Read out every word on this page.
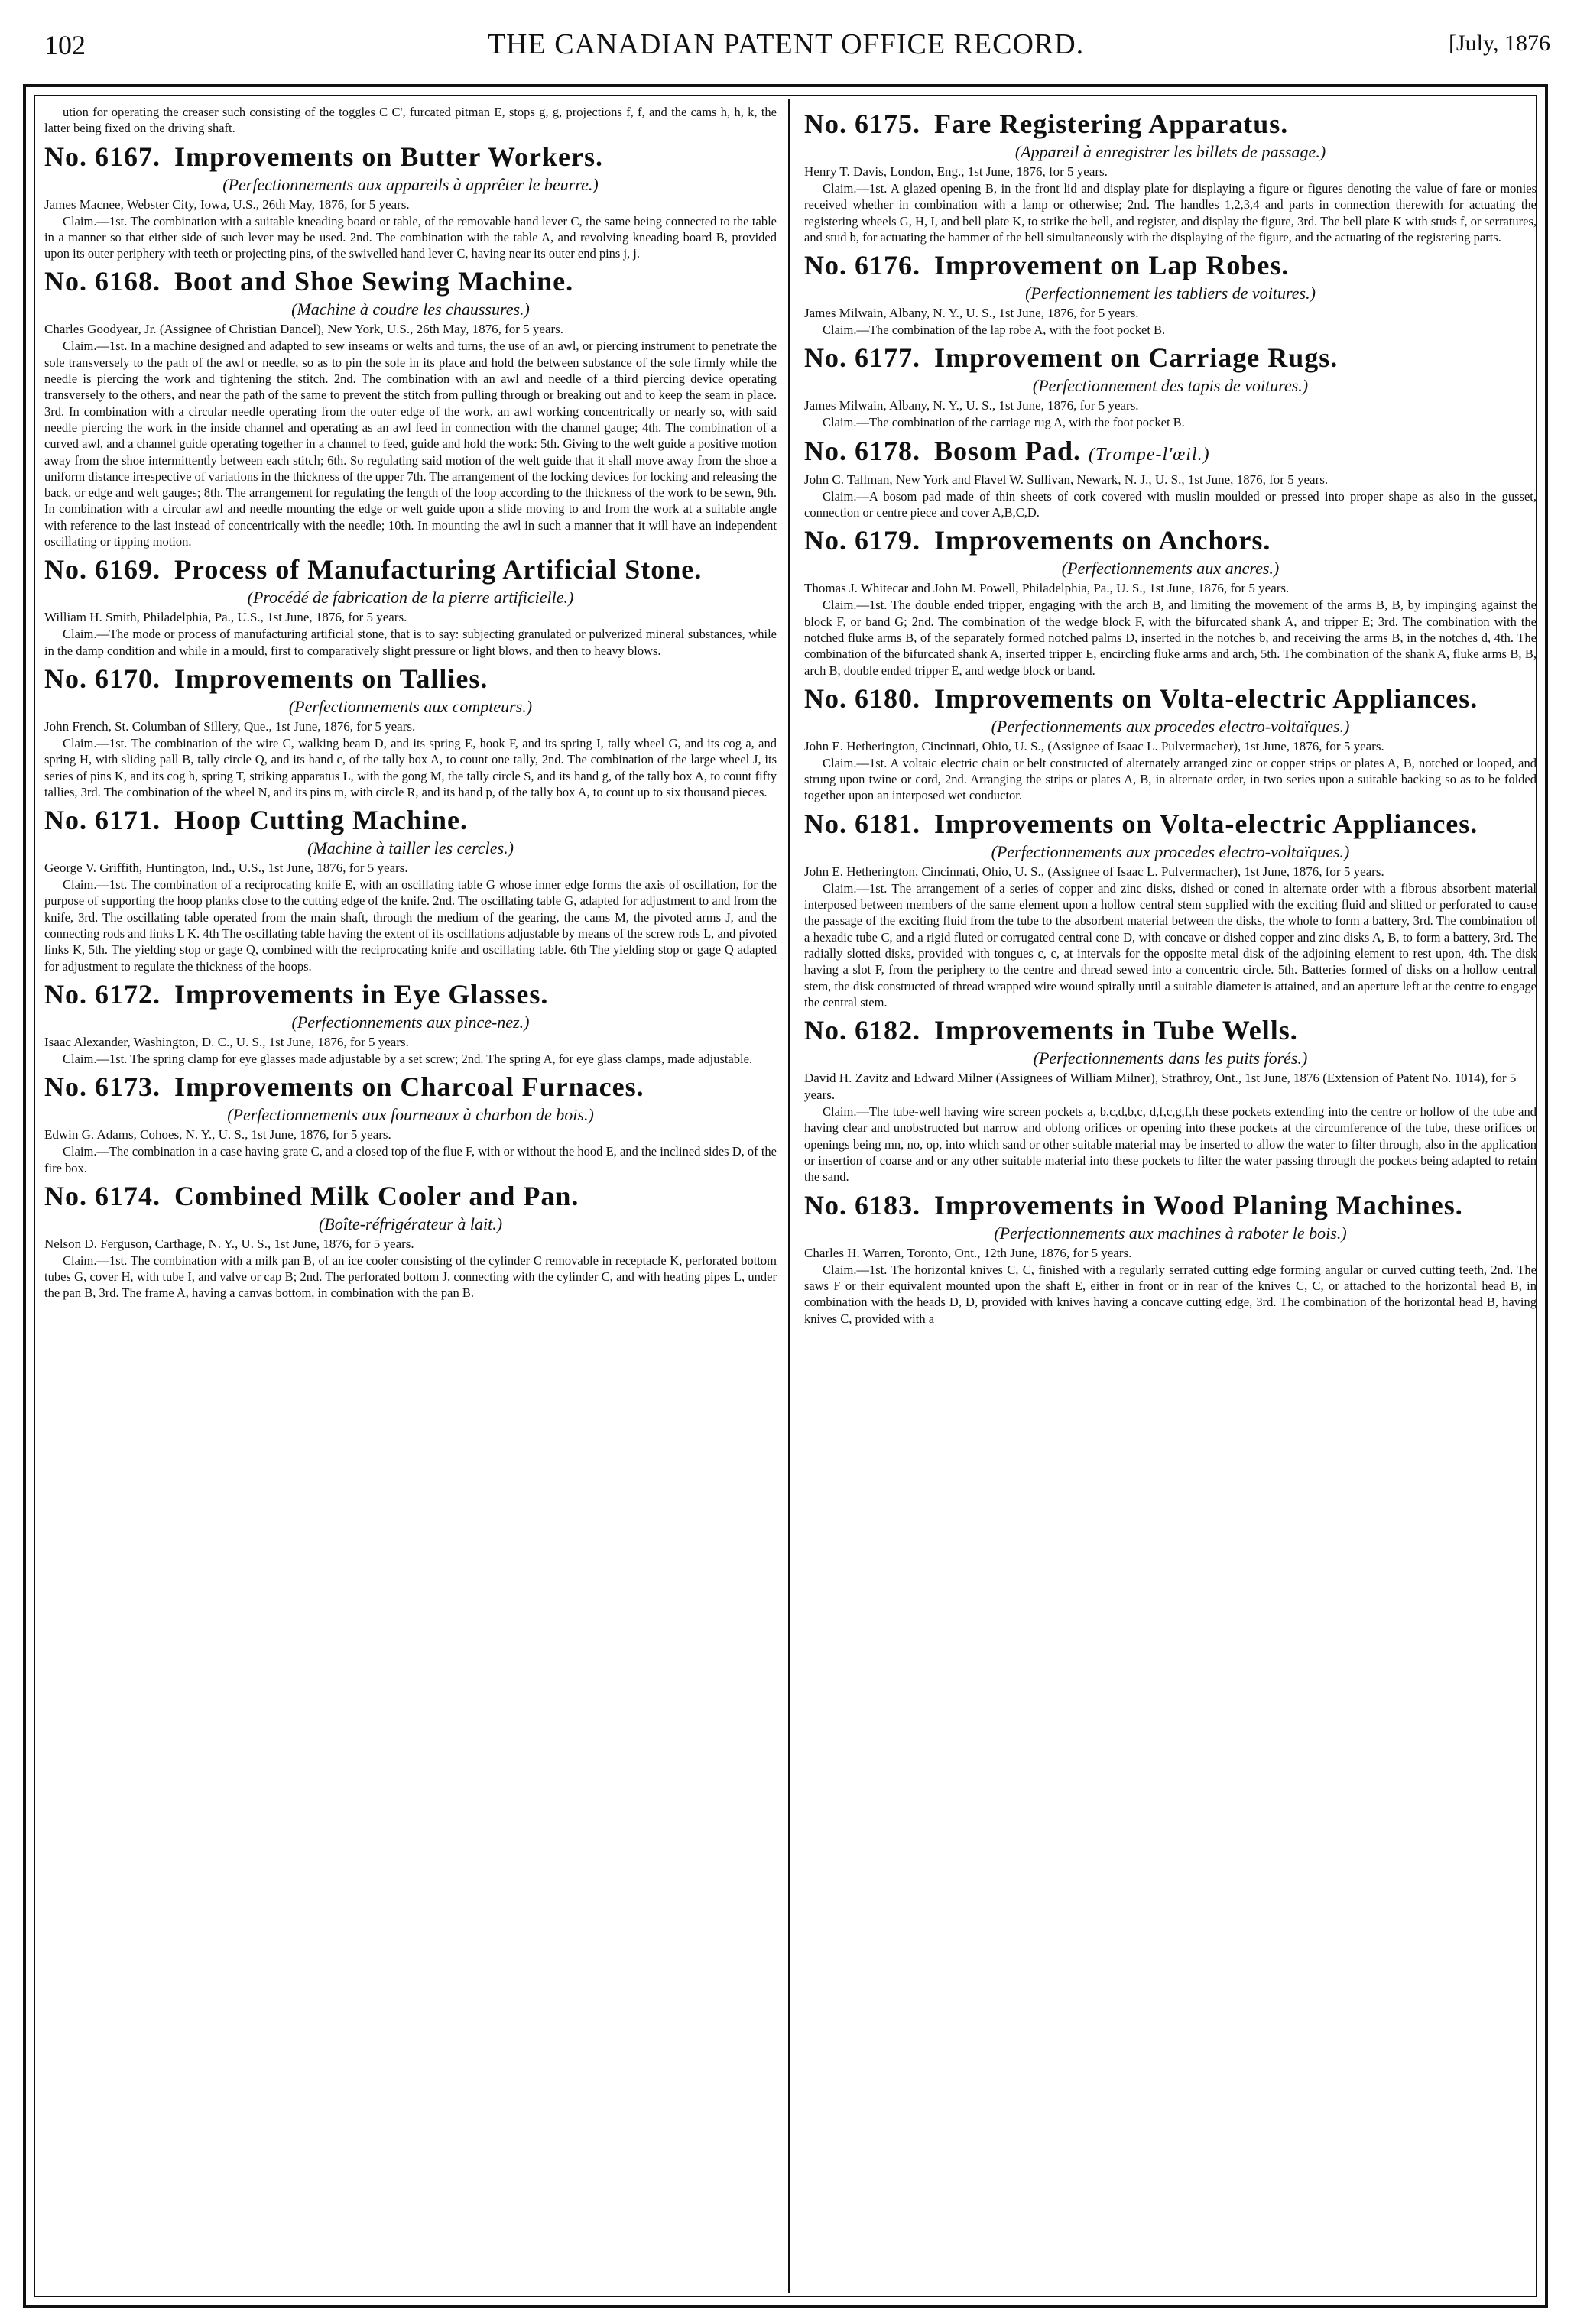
102	THE CANADIAN PATENT OFFICE RECORD.	[July, 1876

ution for operating the creaser such consisting of the toggles C C', furcated pitman E, stops g, g, projections f, f, and the cams h, h, k, the latter being fixed on the driving shaft.

No. 6167. Improvements on Butter Workers.

(Perfectionnements aux appareils à apprêter le beurre.)

James Macnee, Webster City, Iowa, U.S., 26th May, 1876, for 5 years.

Claim.—1st. The combination with a suitable kneading board or table, of the removable hand lever C, the same being connected to the table in a manner so that either side of such lever may be used. 2nd. The combination with the table A, and revolving kneading board B, provided upon its outer periphery with teeth or projecting pins, of the swivelled hand lever C, having near its outer end pins j, j.

No. 6168. Boot and Shoe Sewing Machine.

(Machine à coudre les chaussures.)

Charles Goodyear, Jr. (Assignee of Christian Dancel), New York, U.S., 26th May, 1876, for 5 years.

Claim.—1st. In a machine designed and adapted to sew inseams or welts and turns, the use of an awl, or piercing instrument to penetrate the sole transversely to the path of the awl or needle, so as to pin the sole in its place and hold the between substance of the sole firmly while the needle is piercing the work and tightening the stitch. 2nd. The combination with an awl and needle of a third piercing device operating transversely to the others, and near the path of the same to prevent the stitch from pulling through or breaking out and to keep the seam in place. 3rd. In combination with a circular needle operating from the outer edge of the work, an awl working concentrically or nearly so, with said needle piercing the work in the inside channel and operating as an awl feed in connection with the channel gauge; 4th. The combination of a curved awl, and a channel guide operating together in a channel to feed, guide and hold the work: 5th. Giving to the welt guide a positive motion away from the shoe intermittently between each stitch; 6th. So regulating said motion of the welt guide that it shall move away from the shoe a uniform distance irrespective of variations in the thickness of the upper 7th. The arrangement of the locking devices for locking and releasing the back, or edge and welt gauges; 8th. The arrangement for regulating the length of the loop according to the thickness of the work to be sewn, 9th. In combination with a circular awl and needle mounting the edge or welt guide upon a slide moving to and from the work at a suitable angle with reference to the last instead of concentrically with the needle; 10th. In mounting the awl in such a manner that it will have an independent oscillating or tipping motion.

No. 6169. Process of Manufacturing Artificial Stone.

(Procédé de fabrication de la pierre artificielle.)

William H. Smith, Philadelphia, Pa., U.S., 1st June, 1876, for 5 years.

Claim.—The mode or process of manufacturing artificial stone, that is to say: subjecting granulated or pulverized mineral substances, while in the damp condition and while in a mould, first to comparatively slight pressure or light blows, and then to heavy blows.

No. 6170. Improvements on Tallies.

(Perfectionnements aux compteurs.)

John French, St. Columban of Sillery, Que., 1st June, 1876, for 5 years.

Claim.—1st. The combination of the wire C, walking beam D, and its spring E, hook F, and its spring I, tally wheel G, and its cog a, and spring H, with sliding pall B, tally circle Q, and its hand c, of the tally box A, to count one tally, 2nd. The combination of the large wheel J, its series of pins K, and its cog h, spring T, striking apparatus L, with the gong M, the tally circle S, and its hand g, of the tally box A, to count fifty tallies, 3rd. The combination of the wheel N, and its pins m, with circle R, and its hand p, of the tally box A, to count up to six thousand pieces.

No. 6171. Hoop Cutting Machine.

(Machine à tailler les cercles.)

George V. Griffith, Huntington, Ind., U.S., 1st June, 1876, for 5 years.

Claim.—1st. The combination of a reciprocating knife E, with an oscillating table G whose inner edge forms the axis of oscillation, for the purpose of supporting the hoop planks close to the cutting edge of the knife. 2nd. The oscillating table G, adapted for adjustment to and from the knife, 3rd. The oscillating table operated from the main shaft, through the medium of the gearing, the cams M, the pivoted arms J, and the connecting rods and links L K. 4th The oscillating table having the extent of its oscillations adjustable by means of the screw rods L, and pivoted links K, 5th. The yielding stop or gage Q, combined with the reciprocating knife and oscillating table. 6th The yielding stop or gage Q adapted for adjustment to regulate the thickness of the hoops.

No. 6172. Improvements in Eye Glasses.

(Perfectionnements aux pince-nez.)

Isaac Alexander, Washington, D. C., U. S., 1st June, 1876, for 5 years.

Claim.—1st. The spring clamp for eye glasses made adjustable by a set screw; 2nd. The spring A, for eye glass clamps, made adjustable.

No. 6173. Improvements on Charcoal Furnaces.

(Perfectionnements aux fourneaux à charbon de bois.)

Edwin G. Adams, Cohoes, N. Y., U. S., 1st June, 1876, for 5 years.

Claim.—The combination in a case having grate C, and a closed top of the flue F, with or without the hood E, and the inclined sides D, of the fire box.

No. 6174. Combined Milk Cooler and Pan.

(Boîte-réfrigérateur à lait.)

Nelson D. Ferguson, Carthage, N. Y., U. S., 1st June, 1876, for 5 years.

Claim.—1st. The combination with a milk pan B, of an ice cooler consisting of the cylinder C removable in receptacle K, perforated bottom tubes G, cover H, with tube I, and valve or cap B; 2nd. The perforated bottom J, connecting with the cylinder C, and with heating pipes L, under the pan B, 3rd. The frame A, having a canvas bottom, in combination with the pan B.

No. 6175. Fare Registering Apparatus.

(Appareil à enregistrer les billets de passage.)

Henry T. Davis, London, Eng., 1st June, 1876, for 5 years.

Claim.—1st. A glazed opening B, in the front lid and display plate for displaying a figure or figures denoting the value of fare or monies received whether in combination with a lamp or otherwise; 2nd. The handles 1,2,3,4 and parts in connection therewith for actuating the registering wheels G, H, I, and bell plate K, to strike the bell, and register, and display the figure, 3rd. The bell plate K with studs f, or serratures, and stud b, for actuating the hammer of the bell simultaneously with the displaying of the figure, and the actuating of the registering parts.

No. 6176. Improvement on Lap Robes.

(Perfectionnement les tabliers de voitures.)

James Milwain, Albany, N. Y., U. S., 1st June, 1876, for 5 years.

Claim.—The combination of the lap robe A, with the foot pocket B.

No. 6177. Improvement on Carriage Rugs.

(Perfectionnement des tapis de voitures.)

James Milwain, Albany, N. Y., U. S., 1st June, 1876, for 5 years.

Claim.—The combination of the carriage rug A, with the foot pocket B.

No. 6178. Bosom Pad. (Trompe-l'œil.)

John C. Tallman, New York and Flavel W. Sullivan, Newark, N. J., U. S., 1st June, 1876, for 5 years.

Claim.—A bosom pad made of thin sheets of cork covered with muslin moulded or pressed into proper shape as also in the gusset, connection or centre piece and cover A,B,C,D.

No. 6179. Improvements on Anchors.

(Perfectionnements aux ancres.)

Thomas J. Whitecar and John M. Powell, Philadelphia, Pa., U. S., 1st June, 1876, for 5 years.

Claim.—1st. The double ended tripper, engaging with the arch B, and limiting the movement of the arms B, B, by impinging against the block F, or band G; 2nd. The combination of the wedge block F, with the bifurcated shank A, and tripper E; 3rd. The combination with the notched fluke arms B, of the separately formed notched palms D, inserted in the notches b, and receiving the arms B, in the notches d, 4th. The combination of the bifurcated shank A, inserted tripper E, encircling fluke arms and arch, 5th. The combination of the shank A, fluke arms B, B, arch B, double ended tripper E, and wedge block or band.

No. 6180. Improvements on Volta-electric Appliances.

(Perfectionnements aux procedes electro-voltaïques.)

John E. Hetherington, Cincinnati, Ohio, U. S., (Assignee of Isaac L. Pulvermacher), 1st June, 1876, for 5 years.

Claim.—1st. A voltaic electric chain or belt constructed of alternately arranged zinc or copper strips or plates A, B, notched or looped, and strung upon twine or cord, 2nd. Arranging the strips or plates A, B, in alternate order, in two series upon a suitable backing so as to be folded together upon an interposed wet conductor.

No. 6181. Improvements on Volta-electric Appliances.

(Perfectionnements aux procedes electro-voltaïques.)

John E. Hetherington, Cincinnati, Ohio, U. S., (Assignee of Isaac L. Pulvermacher), 1st June, 1876, for 5 years.

Claim.—1st. The arrangement of a series of copper and zinc disks, dished or coned in alternate order with a fibrous absorbent material interposed between members of the same element upon a hollow central stem supplied with the exciting fluid and slitted or perforated to cause the passage of the exciting fluid from the tube to the absorbent material between the disks, the whole to form a battery, 3rd. The combination of a hexadic tube C, and a rigid fluted or corrugated central cone D, with concave or dished copper and zinc disks A, B, to form a battery, 3rd. The radially slotted disks, provided with tongues c, c, at intervals for the opposite metal disk of the adjoining element to rest upon, 4th. The disk having a slot F, from the periphery to the centre and thread sewed into a concentric circle. 5th. Batteries formed of disks on a hollow central stem, the disk constructed of thread wrapped wire wound spirally until a suitable diameter is attained, and an aperture left at the centre to engage the central stem.

No. 6182. Improvements in Tube Wells.

(Perfectionnements dans les puits forés.)

David H. Zavitz and Edward Milner (Assignees of William Milner), Strathroy, Ont., 1st June, 1876 (Extension of Patent No. 1014), for 5 years.

Claim.—The tube-well having wire screen pockets a, b,c,d,b,c, d,f,c,g,f,h these pockets extending into the centre or hollow of the tube and having clear and unobstructed but narrow and oblong orifices or opening into these pockets at the circumference of the tube, these orifices or openings being mn, no, op, into which sand or other suitable material may be inserted to allow the water to filter through, also in the application or insertion of coarse and or any other suitable material into these pockets to filter the water passing through the pockets being adapted to retain the sand.

No. 6183. Improvements in Wood Planing Machines.

(Perfectionnements aux machines à raboter le bois.)

Charles H. Warren, Toronto, Ont., 12th June, 1876, for 5 years.

Claim.—1st. The horizontal knives C, C, finished with a regularly serrated cutting edge forming angular or curved cutting teeth, 2nd. The saws F or their equivalent mounted upon the shaft E, either in front or in rear of the knives C, C, or attached to the horizontal head B, in combination with the heads D, D, provided with knives having a concave cutting edge, 3rd. The combination of the horizontal head B, having knives C, provided with a
